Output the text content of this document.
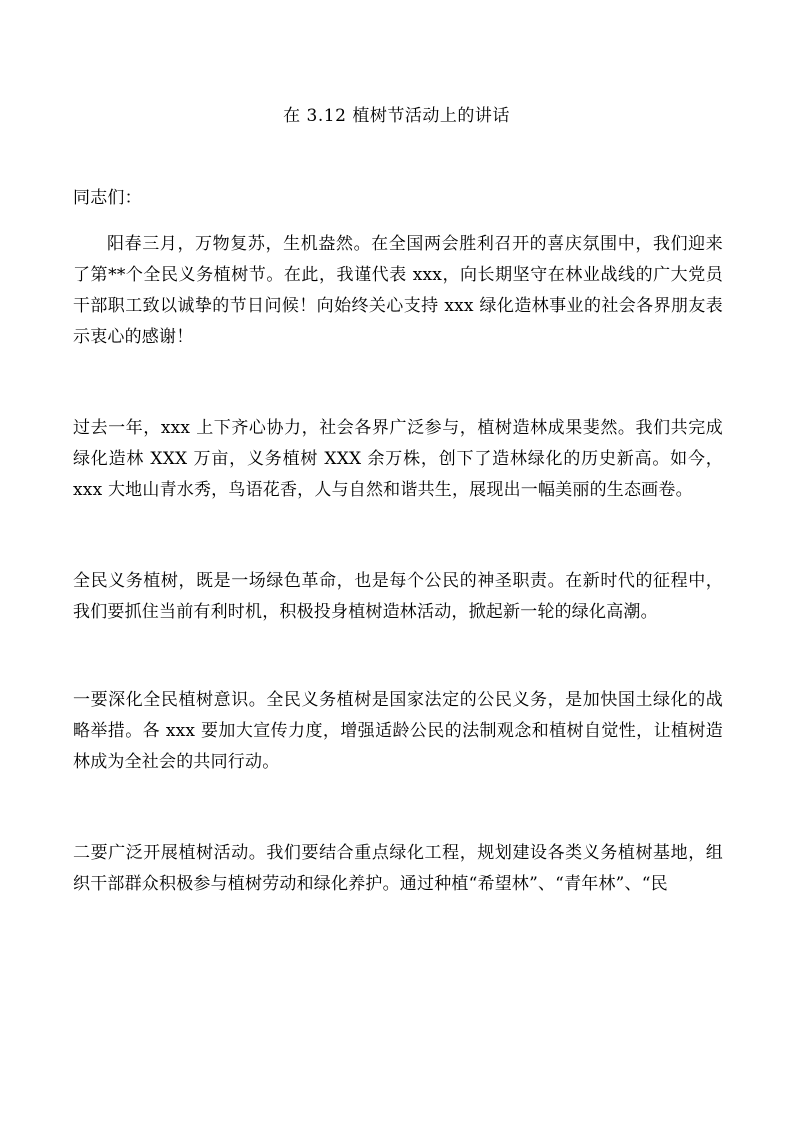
在 3.12 植树节活动上的讲话

同志们：

阳春三月，万物复苏，生机盎然。在全国两会胜利召开的喜庆氛围中，我们迎来了第**个全民义务植树节。在此，我谨代表 xxx，向长期坚守在林业战线的广大党员干部职工致以诚挚的节日问候！向始终关心支持 xxx 绿化造林事业的社会各界朋友表示衷心的感谢！

过去一年，xxx 上下齐心协力，社会各界广泛参与，植树造林成果斐然。我们共完成绿化造林 XXX 万亩，义务植树 XXX 余万株，创下了造林绿化的历史新高。如今，xxx 大地山青水秀，鸟语花香，人与自然和谐共生，展现出一幅美丽的生态画卷。

全民义务植树，既是一场绿色革命，也是每个公民的神圣职责。在新时代的征程中，我们要抓住当前有利时机，积极投身植树造林活动，掀起新一轮的绿化高潮。

一要深化全民植树意识。全民义务植树是国家法定的公民义务，是加快国土绿化的战略举措。各 xxx 要加大宣传力度，增强适龄公民的法制观念和植树自觉性，让植树造林成为全社会的共同行动。

二要广泛开展植树活动。我们要结合重点绿化工程，规划建设各类义务植树基地，组织干部群众积极参与植树劳动和绿化养护。通过种植“希望林”、“青年林”、“民
